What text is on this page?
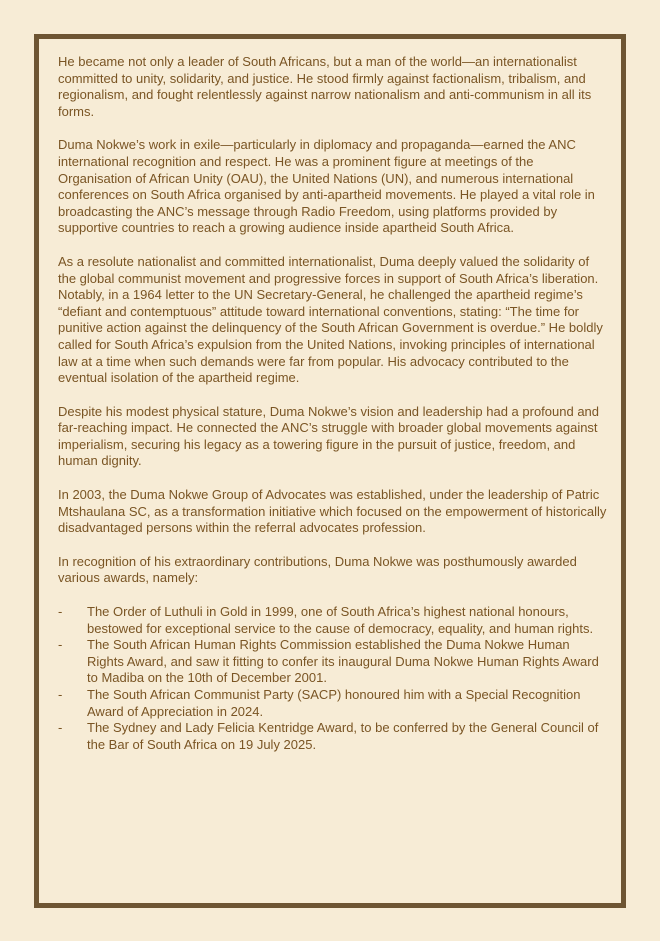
He became not only a leader of South Africans, but a man of the world—an internationalist committed to unity, solidarity, and justice. He stood firmly against factionalism, tribalism, and regionalism, and fought relentlessly against narrow nationalism and anti-communism in all its forms.

Duma Nokwe’s work in exile—particularly in diplomacy and propaganda—earned the ANC international recognition and respect. He was a prominent figure at meetings of the Organisation of African Unity (OAU), the United Nations (UN), and numerous international conferences on South Africa organised by anti-apartheid movements. He played a vital role in broadcasting the ANC’s message through Radio Freedom, using platforms provided by supportive countries to reach a growing audience inside apartheid South Africa.

As a resolute nationalist and committed internationalist, Duma deeply valued the solidarity of the global communist movement and progressive forces in support of South Africa’s liberation. Notably, in a 1964 letter to the UN Secretary-General, he challenged the apartheid regime’s “defiant and contemptuous” attitude toward international conventions, stating: “The time for punitive action against the delinquency of the South African Government is overdue.” He boldly called for South Africa’s expulsion from the United Nations, invoking principles of international law at a time when such demands were far from popular. His advocacy contributed to the eventual isolation of the apartheid regime.

Despite his modest physical stature, Duma Nokwe’s vision and leadership had a profound and far-reaching impact. He connected the ANC’s struggle with broader global movements against imperialism, securing his legacy as a towering figure in the pursuit of justice, freedom, and human dignity.

In 2003, the Duma Nokwe Group of Advocates was established, under the leadership of Patric Mtshaulana SC, as a transformation initiative which focused on the empowerment of historically disadvantaged persons within the referral advocates profession.

In recognition of his extraordinary contributions, Duma Nokwe was posthumously awarded various awards, namely:

- The Order of Luthuli in Gold in 1999, one of South Africa’s highest national honours, bestowed for exceptional service to the cause of democracy, equality, and human rights.
- The South African Human Rights Commission established the Duma Nokwe Human Rights Award, and saw it fitting to confer its inaugural Duma Nokwe Human Rights Award to Madiba on the 10th of December 2001.
- The South African Communist Party (SACP) honoured him with a Special Recognition Award of Appreciation in 2024.
- The Sydney and Lady Felicia Kentridge Award, to be conferred by the General Council of the Bar of South Africa on 19 July 2025.
